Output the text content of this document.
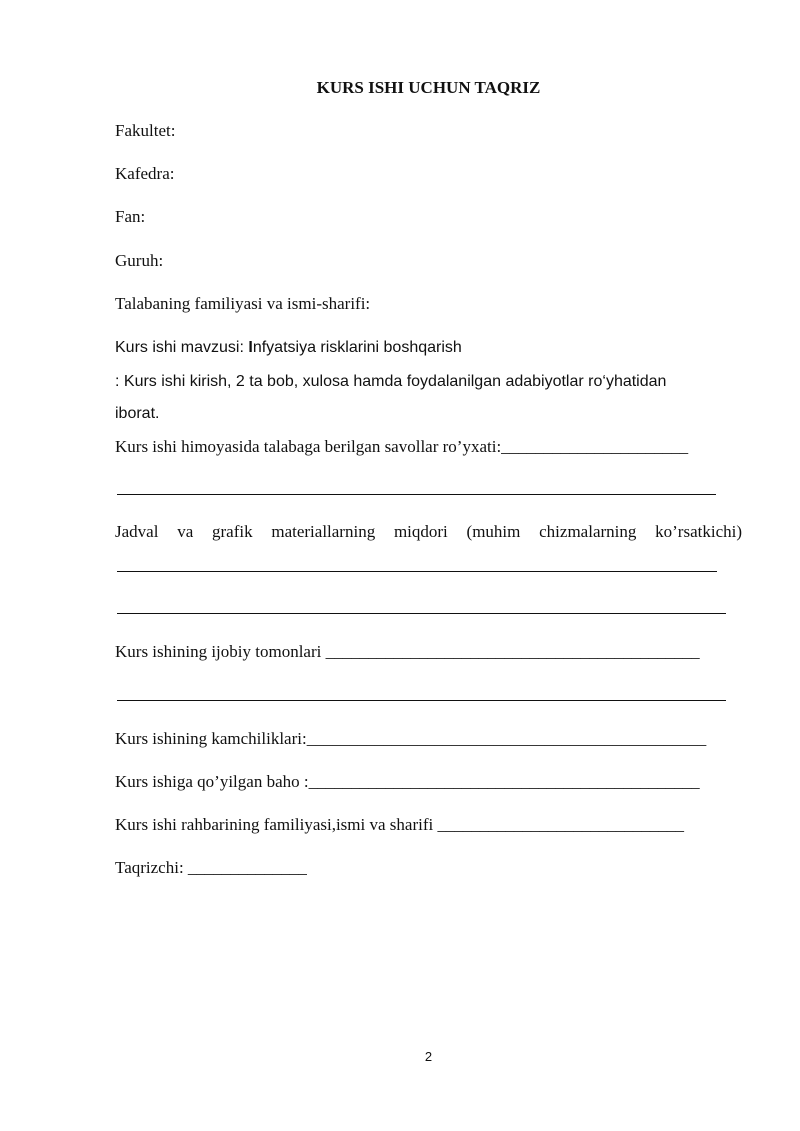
KURS ISHI UCHUN TAQRIZ
Fakultet:
Kafedra:
Fan:
Guruh:
Talabaning familiyasi va ismi-sharifi:
Kurs ishi mavzusi: Infyatsiya risklarini boshqarish
: Kurs ishi kirish, 2 ta bob, xulosa hamda foydalanilgan adabiyotlar ro‘yhatidan
iborat.
Kurs ishi himoyasida talabaga berilgan savollar ro’yxati:______________________
Jadval va grafik materiallarning miqdori (muhim chizmalarning ko’rsatkichi)
Kurs ishining ijobiy tomonlari ____________________________________________
Kurs ishining kamchiliklari:_______________________________________________
Kurs ishiga qo’yilgan baho :______________________________________________
Kurs ishi rahbarining familiyasi,ismi va sharifi _____________________________
Taqrizchi: ______________
2
